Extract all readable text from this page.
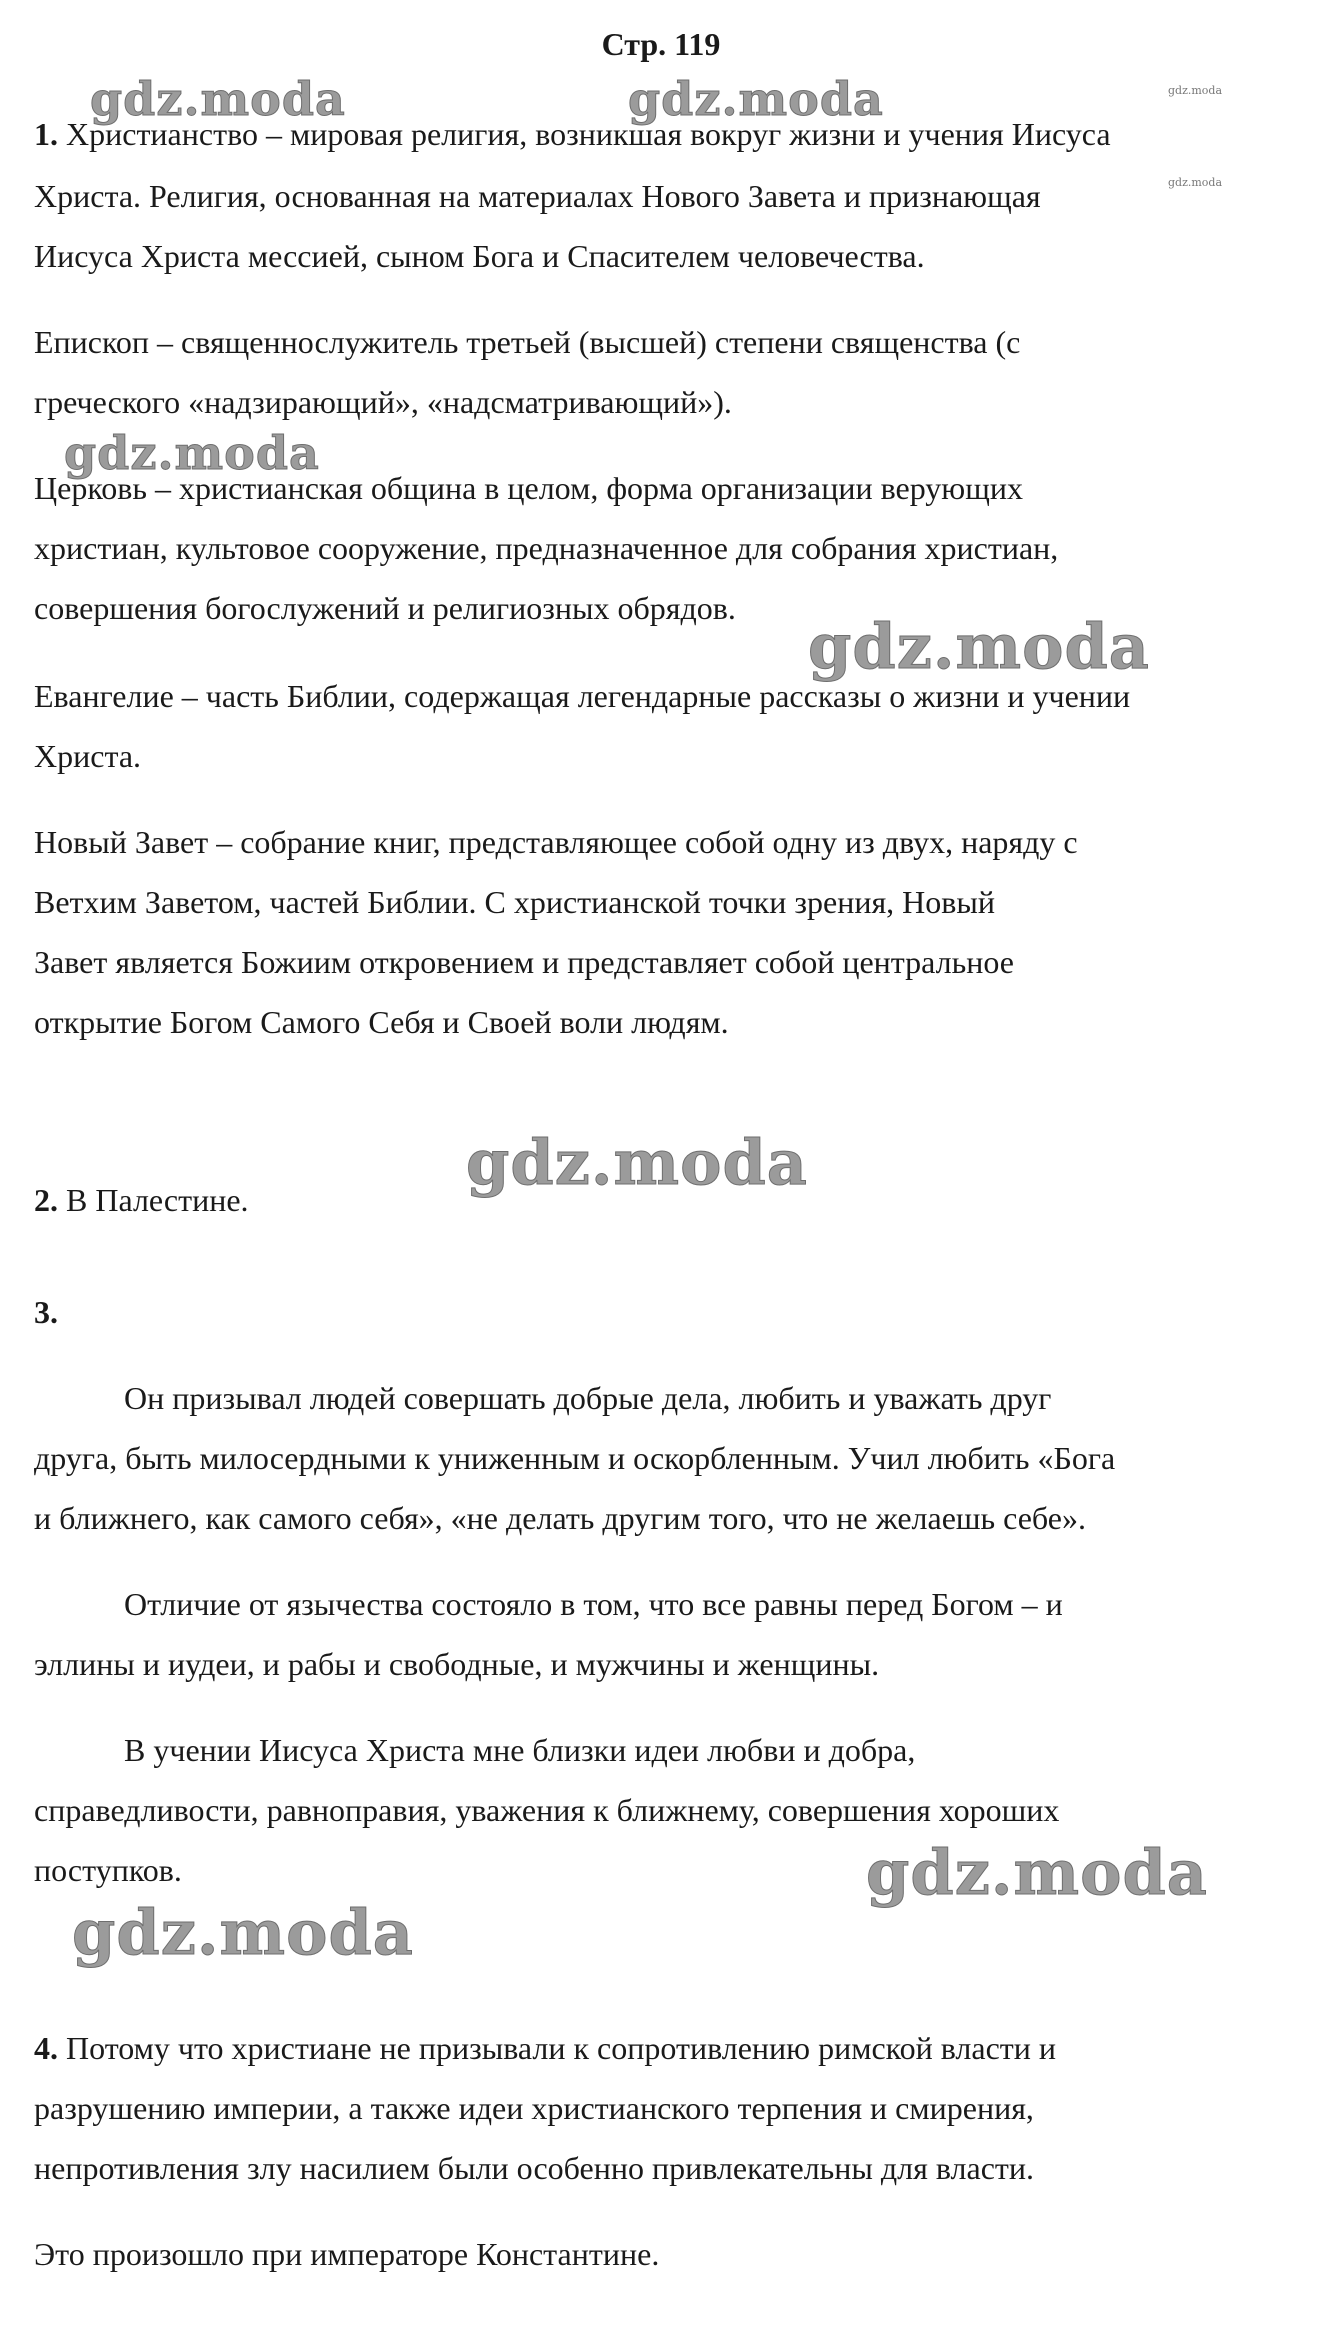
Стр. 119
gdz.moda	gdz.moda	gdz.moda
gdz.moda
gdz.moda
gdz.moda
gdz.moda
gdz.moda
gdz.moda
1. Христианство – мировая религия, возникшая вокруг жизни и учения Иисуса
Христа. Религия, основанная на материалах Нового Завета и признающая
Иисуса Христа мессией, сыном Бога и Спасителем человечества.
Епископ – священнослужитель третьей (высшей) степени священства (с
греческого «надзирающий», «надсматривающий»).
Церковь – христианская община в целом, форма организации верующих
христиан, культовое сооружение, предназначенное для собрания христиан,
совершения богослужений и религиозных обрядов.
Евангелие – часть Библии, содержащая легендарные рассказы о жизни и учении
Христа.
Новый Завет – собрание книг, представляющее собой одну из двух, наряду с
Ветхим Заветом, частей Библии. С христианской точки зрения, Новый
Завет является Божиим откровением и представляет собой центральное
открытие Богом Самого Себя и Своей воли людям.
2. В Палестине.
3.
Он призывал людей совершать добрые дела, любить и уважать друг
друга, быть милосердными к униженным и оскорбленным. Учил любить «Бога
и ближнего, как самого себя», «не делать другим того, что не желаешь себе».
Отличие от язычества состояло в том, что все равны перед Богом – и
эллины и иудеи, и рабы и свободные, и мужчины и женщины.
В учении Иисуса Христа мне близки идеи любви и добра,
справедливости, равноправия, уважения к ближнему, совершения хороших
поступков.
4. Потому что христиане не призывали к сопротивлению римской власти и
разрушению империи, а также идеи христианского терпения и смирения,
непротивления злу насилием были особенно привлекательны для власти.
Это произошло при императоре Константине.
